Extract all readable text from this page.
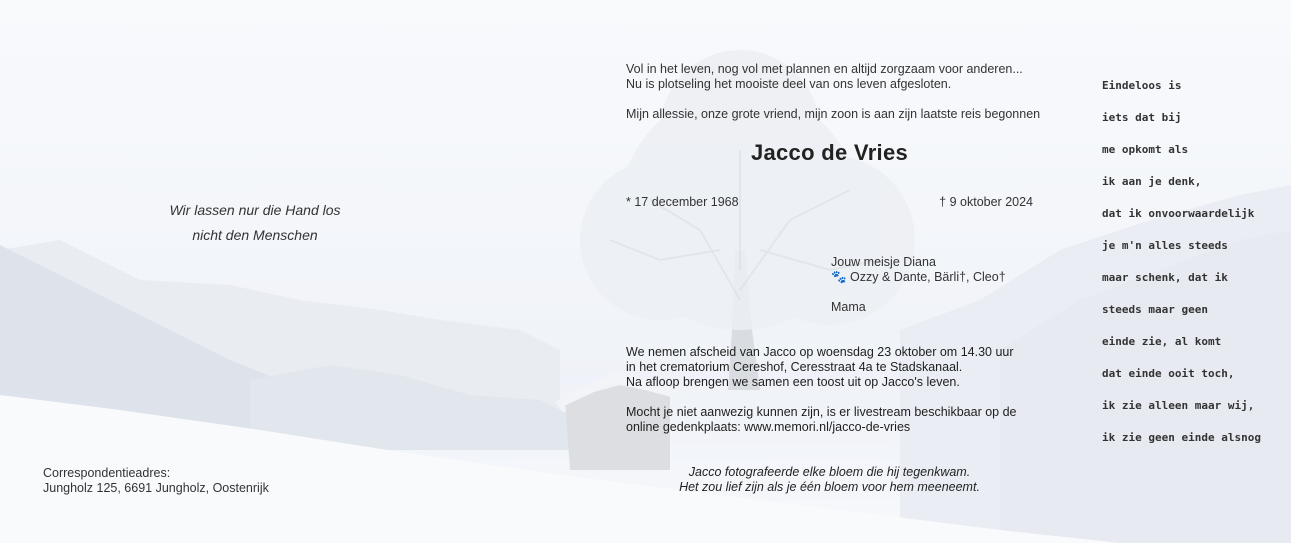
Wir lassen nur die Hand los
nicht den Menschen
Correspondentieadres:
Jungholz 125, 6691 Jungholz, Oostenrijk
Vol in het leven, nog vol met plannen en altijd zorgzaam voor anderen...
Nu is plotseling het mooiste deel van ons leven afgesloten.
Mijn allessie, onze grote vriend, mijn zoon is aan zijn laatste reis begonnen
Jacco de Vries
* 17 december 1968	† 9 oktober 2024
Jouw meisje Diana
🐾 Ozzy & Dante, Bärli†, Cleo†
Mama
We nemen afscheid van Jacco op woensdag 23 oktober om 14.30 uur
in het crematorium Cereshof, Ceresstraat 4a te Stadskanaal.
Na afloop brengen we samen een toost uit op Jacco's leven.
Mocht je niet aanwezig kunnen zijn, is er livestream beschikbaar op de
online gedenkplaats: www.memori.nl/jacco-de-vries
Jacco fotografeerde elke bloem die hij tegenkwam.
Het zou lief zijn als je één bloem voor hem meeneemt.
Eindeloos is
iets dat bij
me opkomt als
ik aan je denk,
dat ik onvoorwaardelijk
je m'n alles steeds
maar schenk, dat ik
steeds maar geen
einde zie, al komt
dat einde ooit toch,
ik zie alleen maar wij,
ik zie geen einde alsnog
